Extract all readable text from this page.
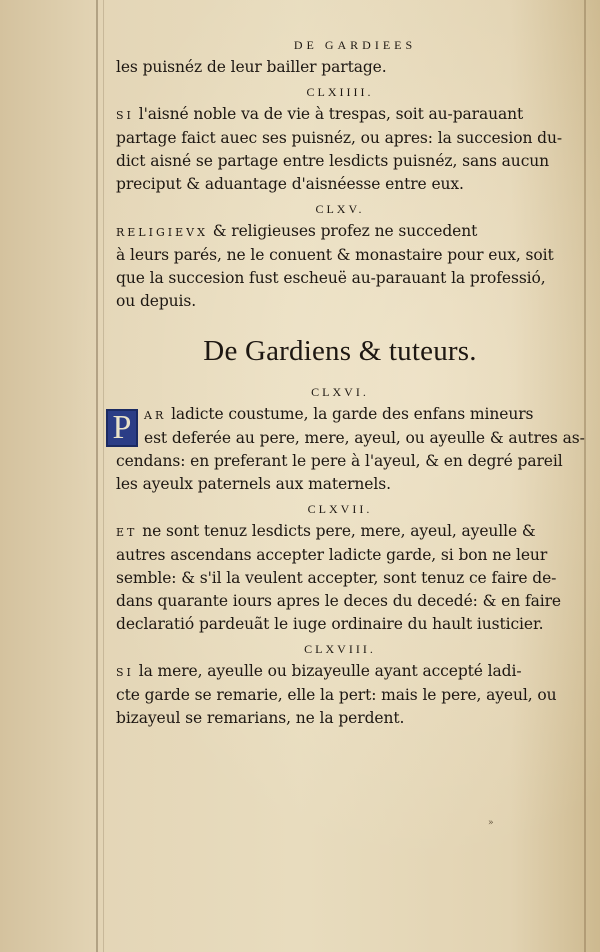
DE GARDIEES
les puisnéz de leur bailler partage.
CLXIIII.
SI l'aisné noble va de vie à trespas, soit au-parauant
partage faict auec ses puisnéz, ou apres: la succesion du-
dict aisné se partage entre lesdicts puisnéz, sans aucun
preciput & aduantage d'aisnéesse entre eux.
CLXV.
RELIGIEVX & religieuses profez ne succedent
à leurs parés, ne le conuent & monastaire pour eux, soit
que la succesion fust escheuë au-parauant la professió,
ou depuis.
De Gardiens & tuteurs.
CLXVI.
P	AR ladicte coustume, la garde des enfans mineurs
est deferée au pere, mere, ayeul, ou ayeulle & autres as-
cendans: en preferant le pere à l'ayeul, & en degré pareil
les ayeulx paternels aux maternels.
CLXVII.
ET ne sont tenuz lesdicts pere, mere, ayeul, ayeulle &
autres ascendans accepter ladicte garde, si bon ne leur
semble: & s'il la veulent accepter, sont tenuz ce faire de-
dans quarante iours apres le deces du decedé: & en faire
declaratió pardeuãt le iuge ordinaire du hault iusticier.
CLXVIII.
SI la mere, ayeulle ou bizayeulle ayant accepté ladi-
cte garde se remarie, elle la pert: mais le pere, ayeul, ou
bizayeul se remarians, ne la perdent.
»
